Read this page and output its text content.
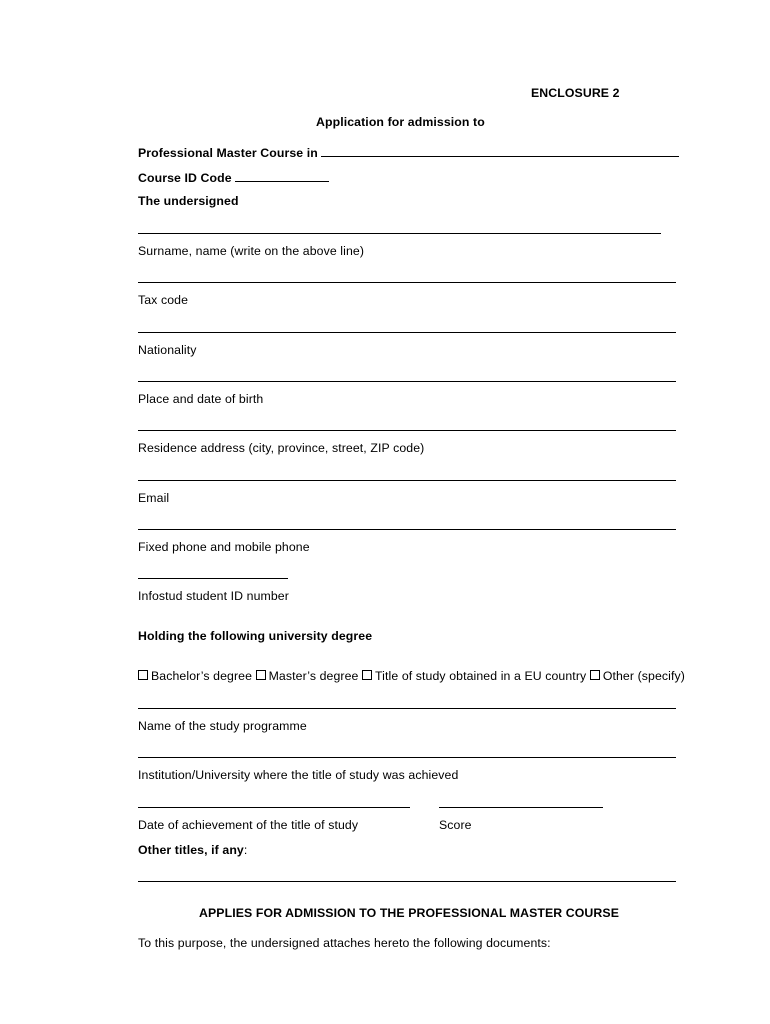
ENCLOSURE 2
Application for admission to
Professional Master Course in
Course ID Code
The undersigned
Surname, name (write on the above line)
Tax code
Nationality
Place and date of birth
Residence address (city, province, street, ZIP code)
Email
Fixed phone and mobile phone
Infostud student ID number
Holding the following university degree
Bachelor’s degree Master’s degree Title of study obtained in a EU country Other (specify)
Name of the study programme
Institution/University where the title of study was achieved
Date of achievement of the title of study	Score
Other titles, if any:
APPLIES FOR ADMISSION TO THE PROFESSIONAL MASTER COURSE
To this purpose, the undersigned attaches hereto the following documents:
